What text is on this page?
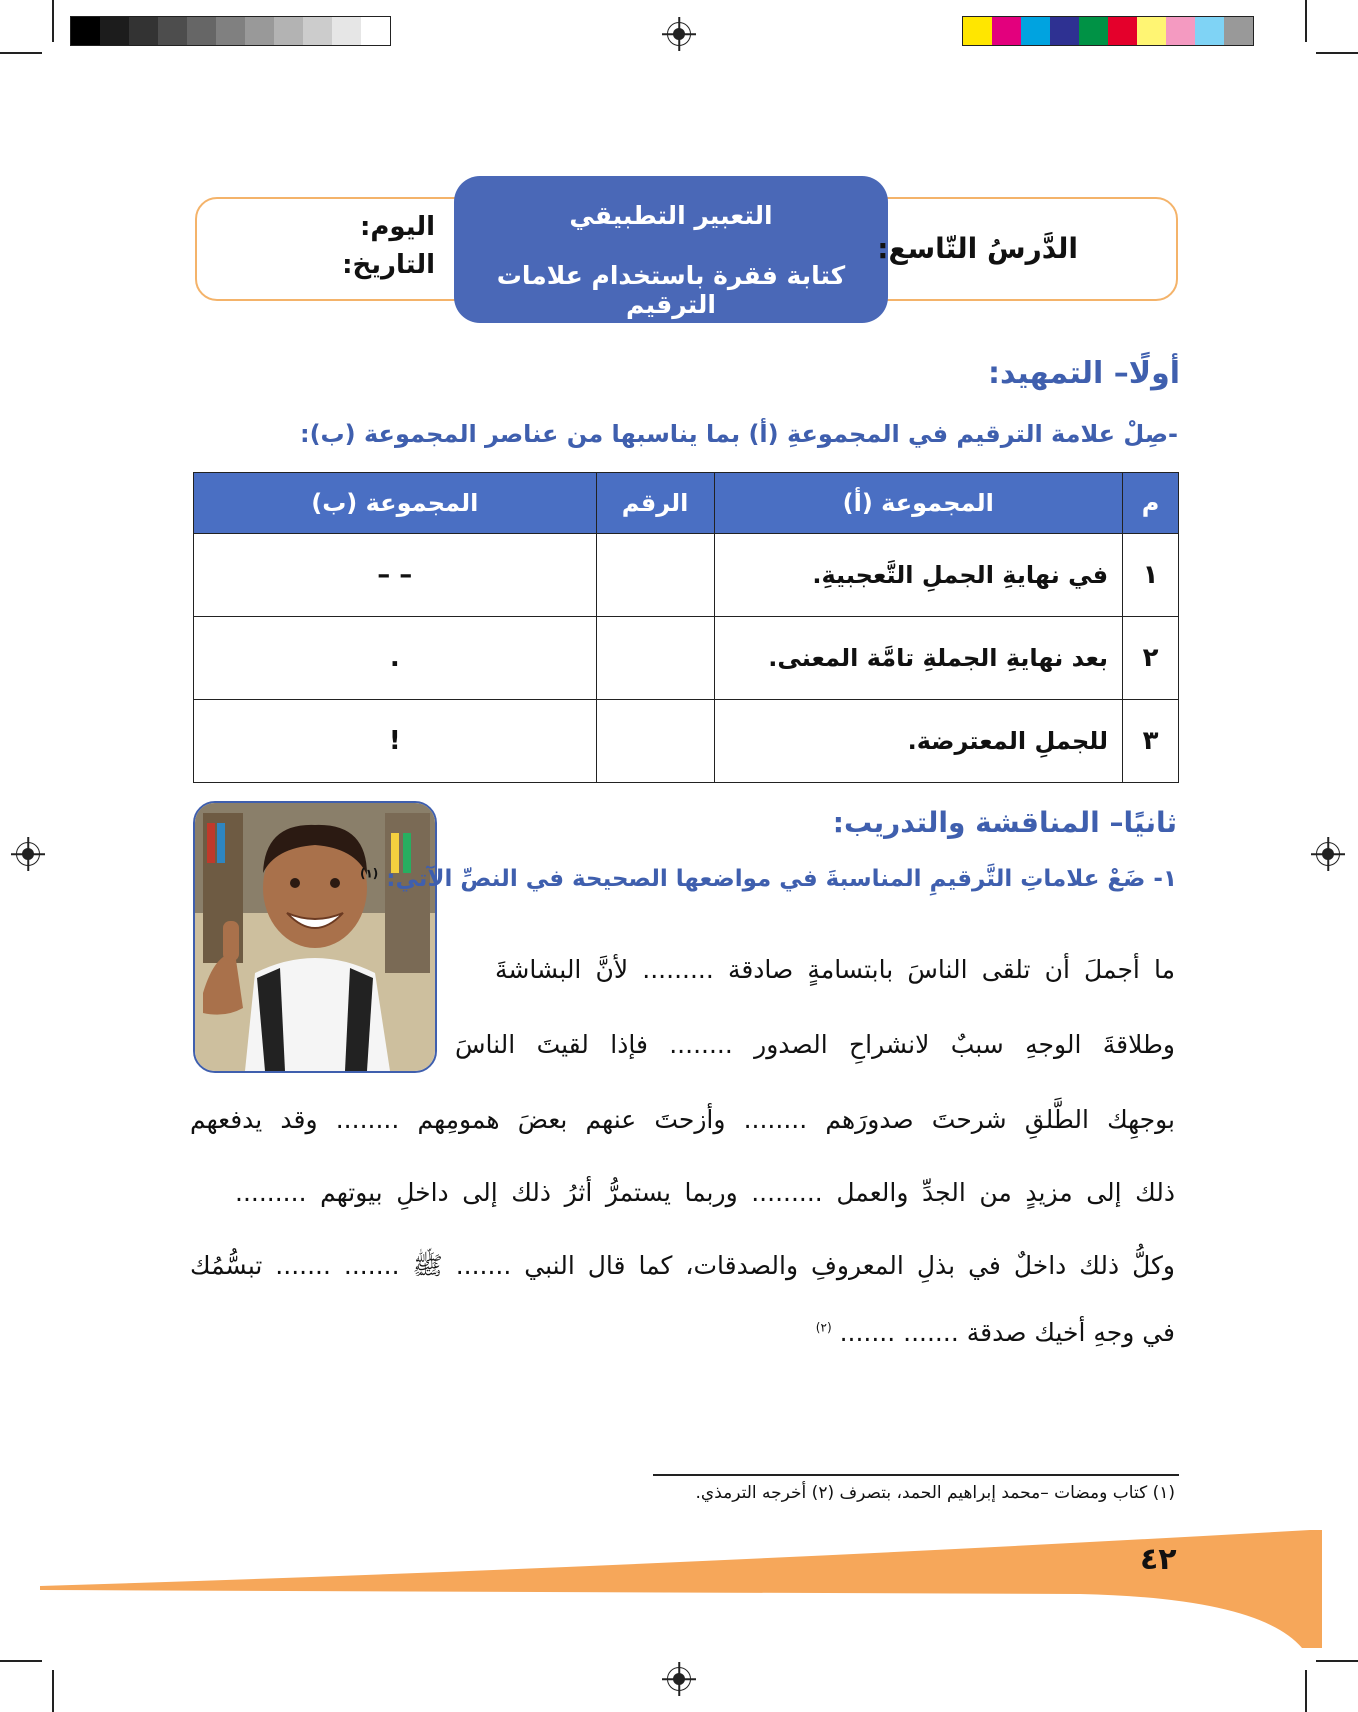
التعبير التطبيقي
كتابة فقرة باستخدام علامات الترقيم
الدَّرسُ التّاسع:
اليوم:
التاريخ:
أولًا– التمهيد:
-صِلْ علامة الترقيم في المجموعةِ (أ) بما يناسبها من عناصر المجموعة (ب):
م	المجموعة (أ)	الرقم	المجموعة (ب)
١	في نهايةِ الجملِ التَّعجبيةِ.		– –
٢	بعد نهايةِ الجملةِ تامَّة المعنى.		.
٣	للجملِ المعترضة.		!
ثانيًا– المناقشة والتدريب:
١- ضَعْ علاماتِ التَّرقيمِ المناسبةَ في مواضعها الصحيحة في النصِّ الآتي: $^{(١)}$
ما أجملَ أن تلقى الناسَ بابتسامةٍ صادقة ......... لأنَّ البشاشةَ
وطلاقةَ الوجهِ سببٌ لانشراحِ الصدور ........ فإذا لقيتَ الناسَ
بوجهِك الطَّلقِ شرحتَ صدورَهم ........ وأزحتَ عنهم بعضَ همومِهم ........ وقد يدفعهم
ذلك إلى مزيدٍ من الجدِّ والعمل ......... وربما يستمرُّ أثرُ ذلك إلى داخلِ بيوتهم .........
وكلُّ ذلك داخلٌ في بذلِ المعروفِ والصدقات، كما قال النبي ....... ﷺ ....... ....... تبسُّمُك
في وجهِ أخيك صدقة ....... ....... $^{(٢)}$
(١) كتاب ومضات –محمد إبراهيم الحمد، بتصرف (٢) أخرجه الترمذي.
٤٢
